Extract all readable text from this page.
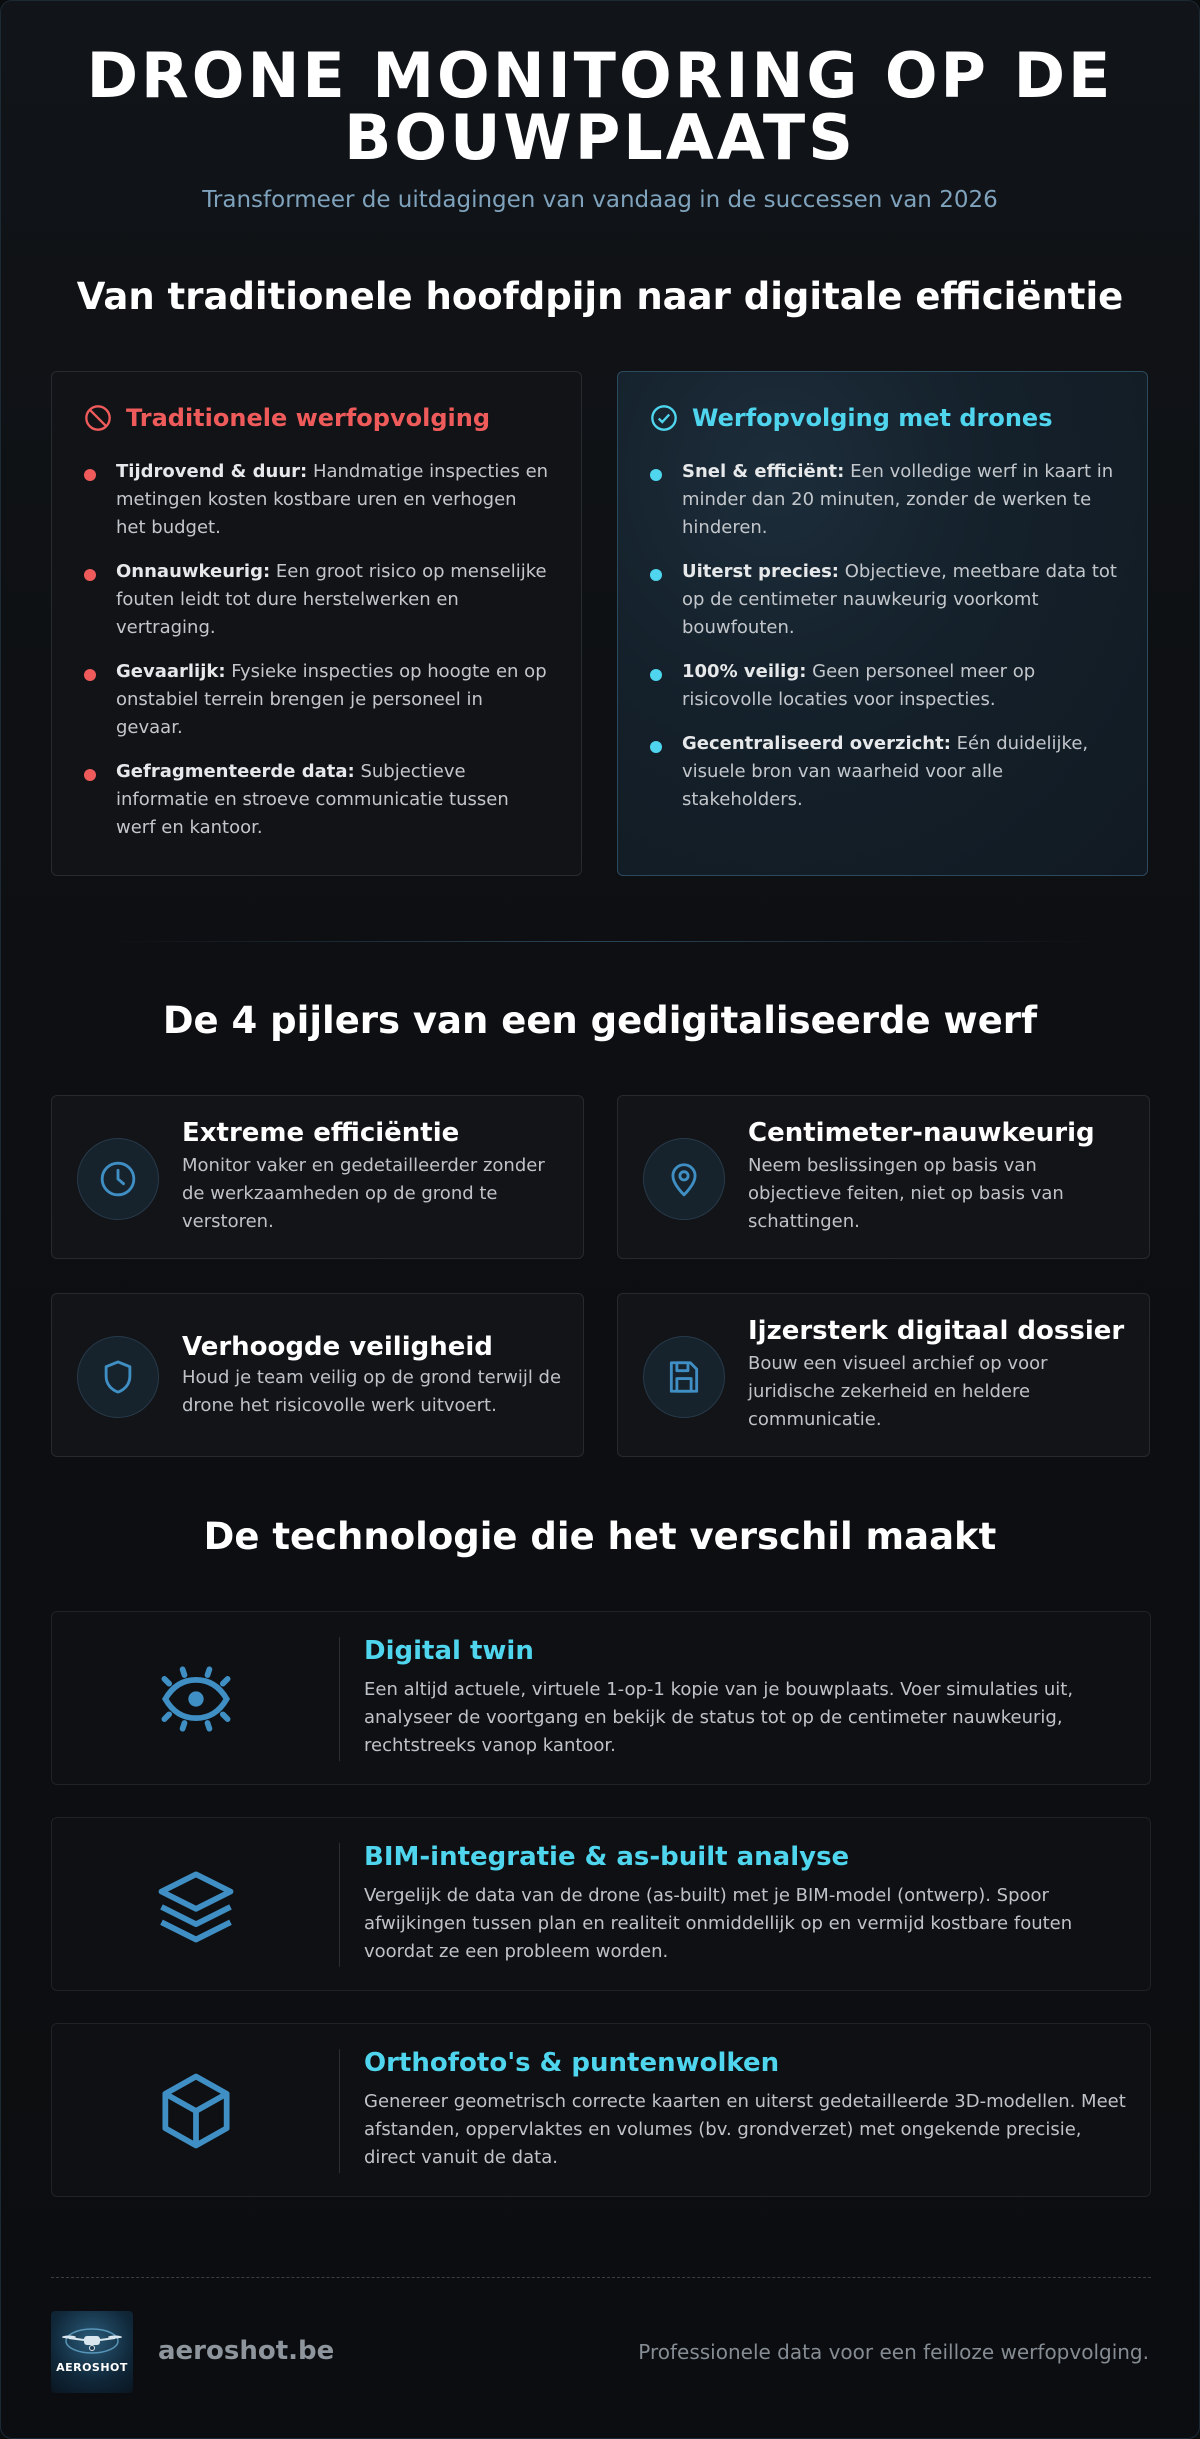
DRONE MONITORING OP DE BOUWPLAATS
Transformeer de uitdagingen van vandaag in de successen van 2026
Van traditionele hoofdpijn naar digitale efficiëntie
Traditionele werfopvolging
Tijdrovend & duur: Handmatige inspecties en metingen kosten kostbare uren en verhogen het budget.
Onnauwkeurig: Een groot risico op menselijke fouten leidt tot dure herstelwerken en vertraging.
Gevaarlijk: Fysieke inspecties op hoogte en op onstabiel terrein brengen je personeel in gevaar.
Gefragmenteerde data: Subjectieve informatie en stroeve communicatie tussen werf en kantoor.
Werfopvolging met drones
Snel & efficiënt: Een volledige werf in kaart in minder dan 20 minuten, zonder de werken te hinderen.
Uiterst precies: Objectieve, meetbare data tot op de centimeter nauwkeurig voorkomt bouwfouten.
100% veilig: Geen personeel meer op risicovolle locaties voor inspecties.
Gecentraliseerd overzicht: Eén duidelijke, visuele bron van waarheid voor alle stakeholders.
De 4 pijlers van een gedigitaliseerde werf
Extreme efficiëntie
Monitor vaker en gedetailleerder zonder de werkzaamheden op de grond te verstoren.
Centimeter-nauwkeurig
Neem beslissingen op basis van objectieve feiten, niet op basis van schattingen.
Verhoogde veiligheid
Houd je team veilig op de grond terwijl de drone het risicovolle werk uitvoert.
Ijzersterk digitaal dossier
Bouw een visueel archief op voor juridische zekerheid en heldere communicatie.
De technologie die het verschil maakt
Digital twin
Een altijd actuele, virtuele 1-op-1 kopie van je bouwplaats. Voer simulaties uit, analyseer de voortgang en bekijk de status tot op de centimeter nauwkeurig, rechtstreeks vanop kantoor.
BIM-integratie & as-built analyse
Vergelijk de data van de drone (as-built) met je BIM-model (ontwerp). Spoor afwijkingen tussen plan en realiteit onmiddellijk op en vermijd kostbare fouten voordat ze een probleem worden.
Orthofoto's & puntenwolken
Genereer geometrisch correcte kaarten en uiterst gedetailleerde 3D-modellen. Meet afstanden, oppervlaktes en volumes (bv. grondverzet) met ongekende precisie, direct vanuit de data.
AEROSHOT
aeroshot.be	Professionele data voor een feilloze werfopvolging.
